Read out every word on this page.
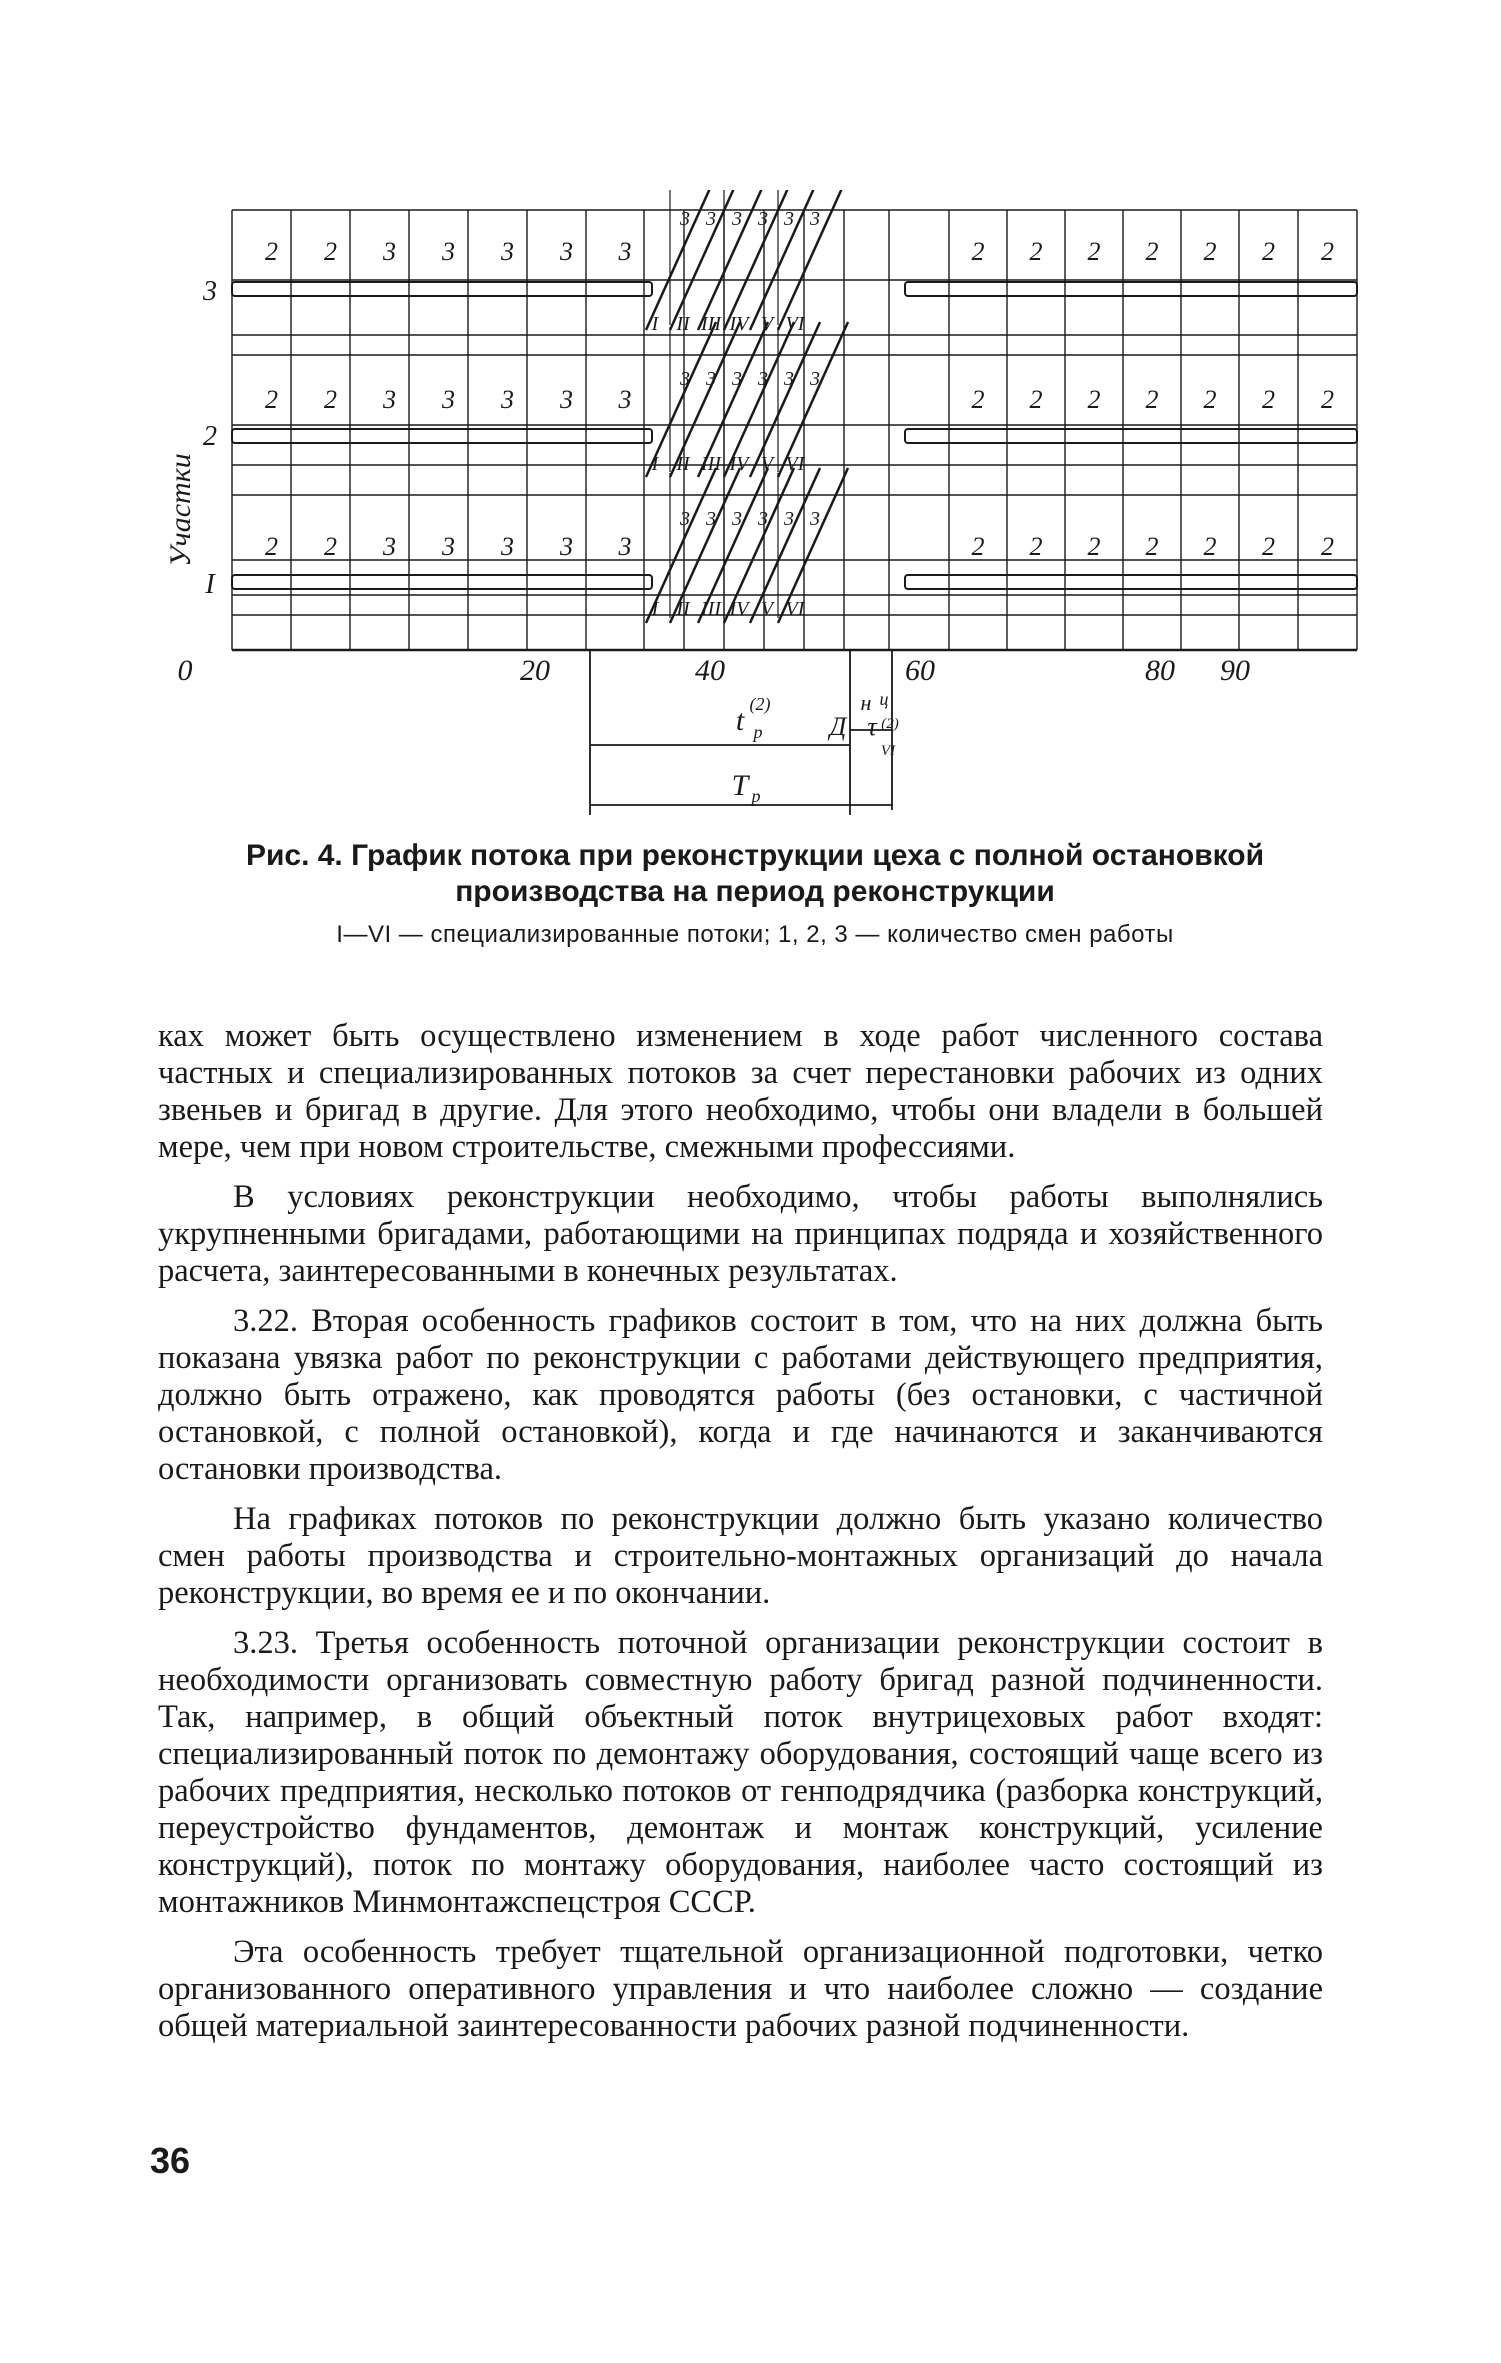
Участки
3
2 2 3 3 3 3 3	2 2 2 2 2 2 2
I II III IV V VI
3 3 3 3 3 3
2
2 2 3 3 3 3 3	2 2 2 2 2 2 2
I II III IV V VI
3 3 3 3 3 3
I
2 2 3 3 3 3 3	2 2 2 2 2 2 2
I II III IV V VI
3 3 3 3 3 3
0	20	40	60	80 90
t (2)
р	Д
н ц
τ (2)
VI
T р
Рис. 4. График потока при реконструкции цеха с полной остановкой
производства на период реконструкции
I—VI — специализированные потоки; 1, 2, 3 — количество смен работы

ках может быть осуществлено изменением в ходе работ численного состава частных и специализированных потоков за счет перестановки рабочих из одних звеньев и бригад в другие. Для этого необходимо, чтобы они владели в большей мере, чем при новом строительстве, смежными профессиями.

В условиях реконструкции необходимо, чтобы работы выполнялись укрупненными бригадами, работающими на принципах подряда и хозяйственного расчета, заинтересованными в конечных результатах.

3.22. Вторая особенность графиков состоит в том, что на них должна быть показана увязка работ по реконструкции с работами действующего предприятия, должно быть отражено, как проводятся работы (без остановки, с частичной остановкой, с полной остановкой), когда и где начинаются и заканчиваются остановки производства.

На графиках потоков по реконструкции должно быть указано количество смен работы производства и строительно-монтажных организаций до начала реконструкции, во время ее и по окончании.

3.23. Третья особенность поточной организации реконструкции состоит в необходимости организовать совместную работу бригад разной подчиненности. Так, например, в общий объектный поток внутрицеховых работ входят: специализированный поток по демонтажу оборудования, состоящий чаще всего из рабочих предприятия, несколько потоков от генподрядчика (разборка конструкций, переустройство фундаментов, демонтаж и монтаж конструкций, усиление конструкций), поток по монтажу оборудования, наиболее часто состоящий из монтажников Минмонтажспецстроя СССР.

Эта особенность требует тщательной организационной подготовки, четко организованного оперативного управления и что наиболее сложно — создание общей материальной заинтересованности рабочих разной подчиненности.

36
